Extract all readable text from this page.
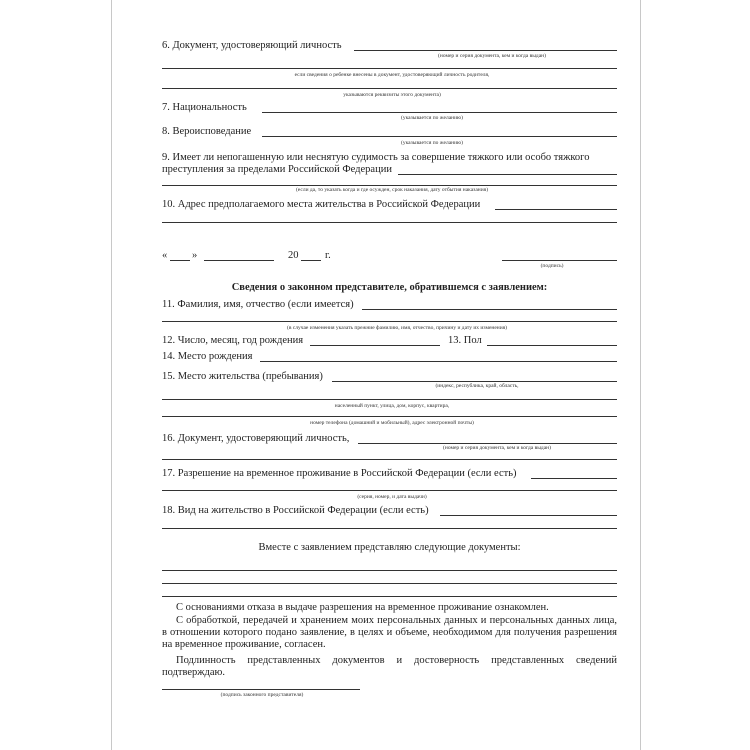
6. Документ, удостоверяющий личность
(номер и серия документа, кем и когда выдан)
если сведения о ребенке внесены в документ, удостоверяющий личность родителя,
указываются реквизиты этого документа)
7. Национальность
(указывается по желанию)
8. Вероисповедание
(указывается по желанию)
9. Имеет ли непогашенную или неснятую судимость за совершение тяжкого или особо тяжкого
преступления за пределами Российской Федерации
(если да, то указать когда и где осужден, срок наказания, дату отбытия наказания)
10. Адрес предполагаемого места жительства в Российской Федерации
« »	20	г.
(подпись)
Сведения о законном представителе, обратившемся с заявлением:
11. Фамилия, имя, отчество (если имеется)
(в случае изменения указать прежние фамилию, имя, отчество, причину и дату их изменения)
12. Число, месяц, год рождения	13. Пол
14. Место рождения
15. Место жительства (пребывания)
(индекс, республика, край, область,
населенный пункт, улица, дом, корпус, квартира,
номер телефона (домашний и мобильный), адрес электронной почты)
16. Документ, удостоверяющий личность,
(номер и серия документа, кем и когда выдан)
17. Разрешение на временное проживание в Российской Федерации (если есть)
(серия, номер, и дата выдачи)
18. Вид на жительство в Российской Федерации (если есть)
Вместе с заявлением представляю следующие документы:
С основаниями отказа в выдаче разрешения на временное проживание ознакомлен.
С обработкой, передачей и хранением моих персональных данных и персональных данных лица, в отношении которого подано заявление, в целях и объеме, необходимом для получения разрешения на временное проживание, согласен.
Подлинность представленных документов и достоверность представленных сведений подтверждаю.
(подпись законного представителя)
